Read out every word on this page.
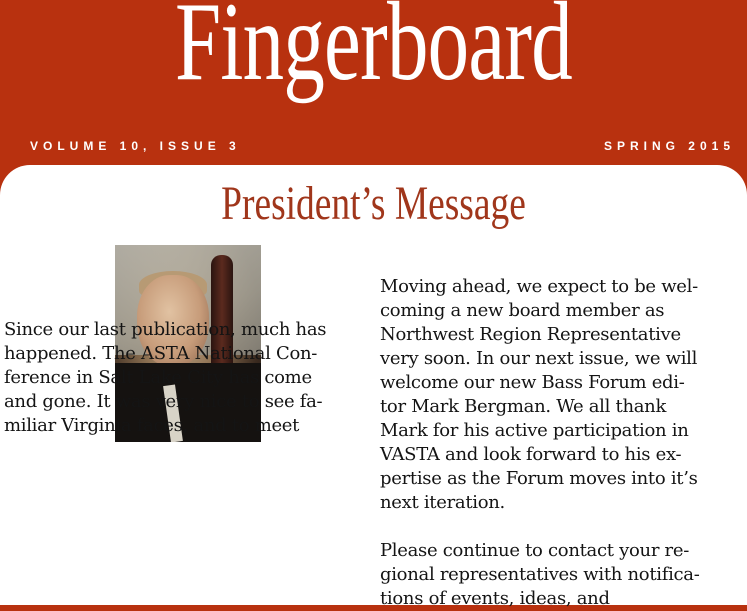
Fingerboard
VOLUME 10, ISSUE 3	SPRING 2015
President’s Message

Since our last publication, much has
happened. The ASTA National Con-
ference in Salt Lake City has come
and gone. It was very nice to see fa-
miliar Virginia faces, and to meet

Moving ahead, we expect to be wel-
coming a new board member as
Northwest Region Representative
very soon. In our next issue, we will
welcome our new Bass Forum edi-
tor Mark Bergman. We all thank
Mark for his active participation in
VASTA and look forward to his ex-
pertise as the Forum moves into it’s
next iteration.

Please continue to contact your re-
gional representatives with notifica-
tions of events, ideas, and
